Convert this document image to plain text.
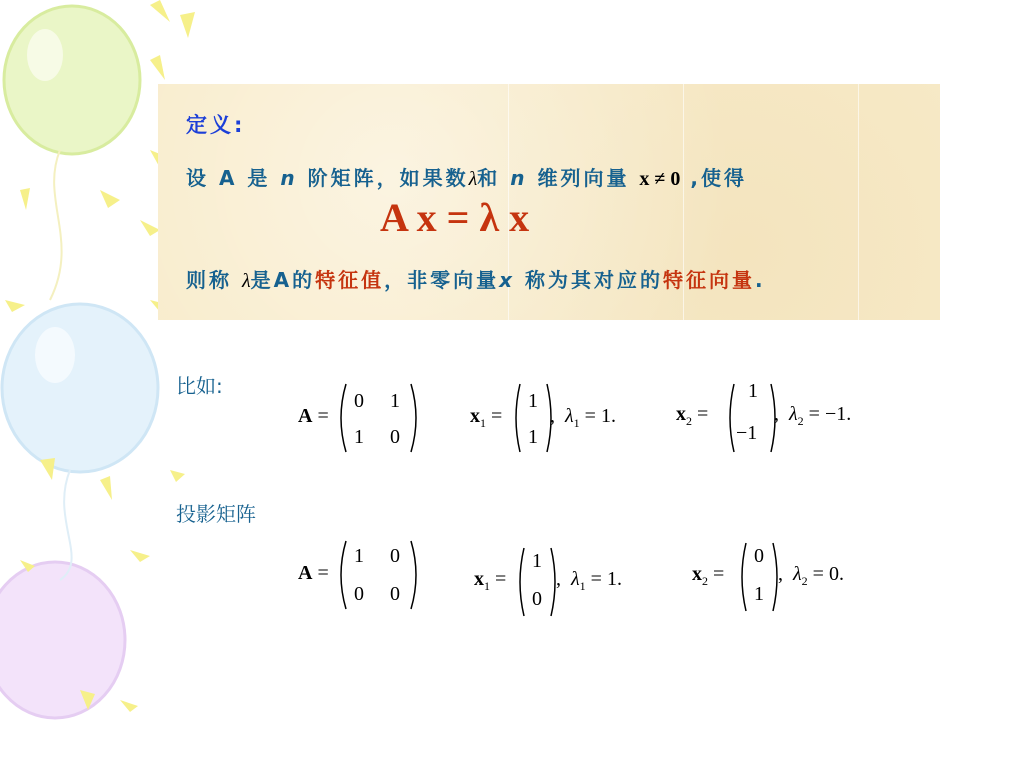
定义:
设 A 是 n 阶矩阵，如果数λ和 n 维列向量 x ≠ 0 ,使得
A x = λ x
则称 λ是A的特征值，非零向量x 称为其对应的特征向量.
比如:
A =
0 1
1 0
$x_1$ =
1
1
, $\lambda_1 = 1$.	$x_2$ =
1
−1
, $\lambda_2 = -1$.
投影矩阵
A =
1 0
0 0
$x_1$ =
1
0
, $\lambda_1 = 1$.	$x_2$ =
0
1
, $\lambda_2 = 0$.
